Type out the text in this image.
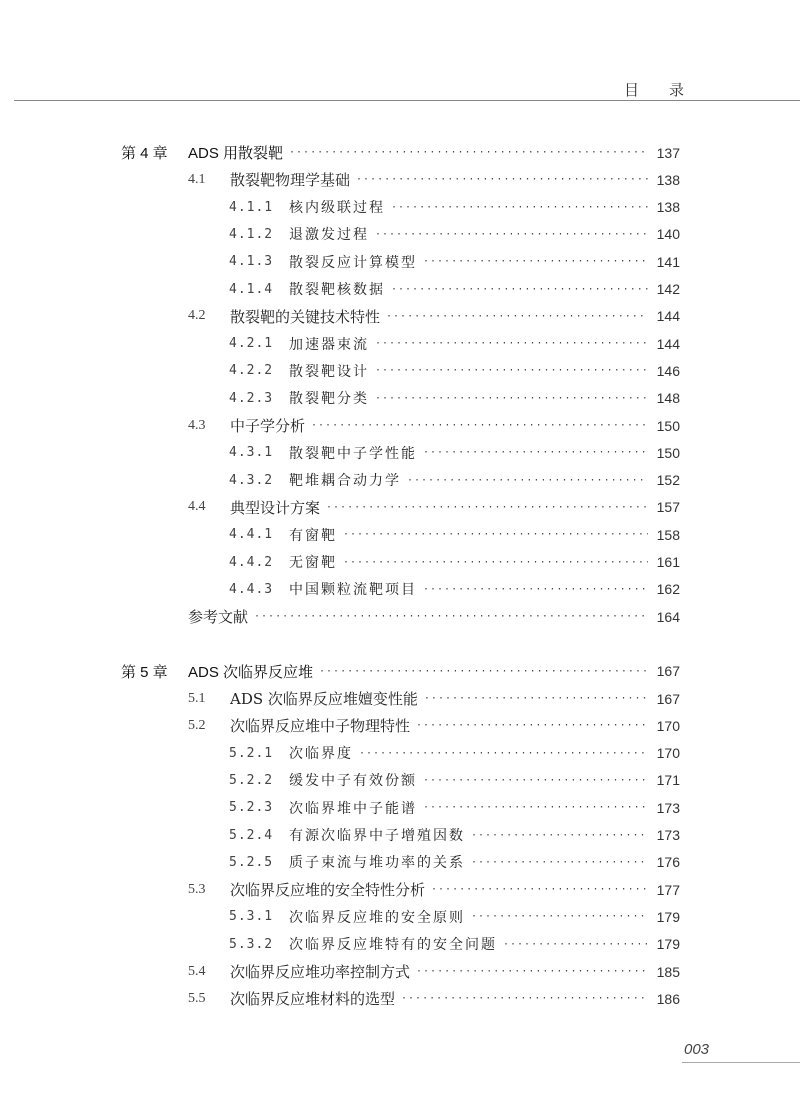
目 录
第 4 章	ADS 用散裂靶 ·····	137
4.1	散裂靶物理学基础 ·····	138
4.1.1	核内级联过程 ·····	138
4.1.2	退激发过程 ·····	140
4.1.3	散裂反应计算模型 ·····	141
4.1.4	散裂靶核数据 ·····	142
4.2	散裂靶的关键技术特性 ·····	144
4.2.1	加速器束流 ·····	144
4.2.2	散裂靶设计 ·····	146
4.2.3	散裂靶分类 ·····	148
4.3	中子学分析 ·····	150
4.3.1	散裂靶中子学性能 ·····	150
4.3.2	靶堆耦合动力学 ·····	152
4.4	典型设计方案 ·····	157
4.4.1	有窗靶 ·····	158
4.4.2	无窗靶 ·····	161
4.4.3	中国颗粒流靶项目 ·····	162
参考文献 ·····	164
第 5 章	ADS 次临界反应堆 ·····	167
5.1	ADS 次临界反应堆嬗变性能 ·····	167
5.2	次临界反应堆中子物理特性 ·····	170
5.2.1	次临界度 ·····	170
5.2.2	缓发中子有效份额 ·····	171
5.2.3	次临界堆中子能谱 ·····	173
5.2.4	有源次临界中子增殖因数 ·····	173
5.2.5	质子束流与堆功率的关系 ·····	176
5.3	次临界反应堆的安全特性分析 ·····	177
5.3.1	次临界反应堆的安全原则 ·····	179
5.3.2	次临界反应堆特有的安全问题 ·····	179
5.4	次临界反应堆功率控制方式 ·····	185
5.5	次临界反应堆材料的选型 ·····	186
003
